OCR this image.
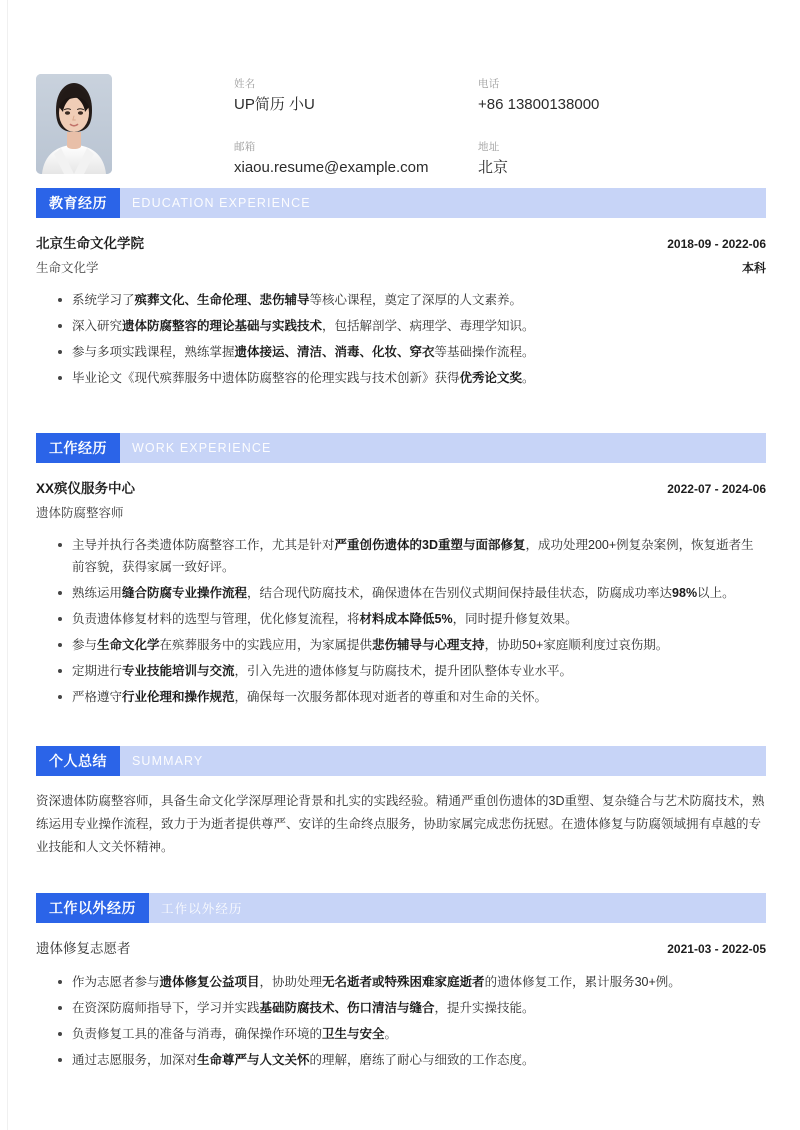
姓名
UP简历 小U
电话
+86 13800138000
邮箱
xiaou.resume@example.com
地址
北京
教育经历	EDUCATION EXPERIENCE
北京生命文化学院	2018-09 - 2022-06
生命文化学	本科
系统学习了殡葬文化、生命伦理、悲伤辅导等核心课程，奠定了深厚的人文素养。
深入研究遗体防腐整容的理论基础与实践技术，包括解剖学、病理学、毒理学知识。
参与多项实践课程，熟练掌握遗体接运、清洁、消毒、化妆、穿衣等基础操作流程。
毕业论文《现代殡葬服务中遗体防腐整容的伦理实践与技术创新》获得优秀论文奖。
工作经历	WORK EXPERIENCE
XX殡仪服务中心	2022-07 - 2024-06
遗体防腐整容师
主导并执行各类遗体防腐整容工作，尤其是针对严重创伤遗体的3D重塑与面部修复，成功处理200+例复杂案例，恢复逝者生前容貌，获得家属一致好评。
熟练运用缝合防腐专业操作流程，结合现代防腐技术，确保遗体在告别仪式期间保持最佳状态，防腐成功率达98%以上。
负责遗体修复材料的选型与管理，优化修复流程，将材料成本降低5%，同时提升修复效果。
参与生命文化学在殡葬服务中的实践应用，为家属提供悲伤辅导与心理支持，协助50+家庭顺利度过哀伤期。
定期进行专业技能培训与交流，引入先进的遗体修复与防腐技术，提升团队整体专业水平。
严格遵守行业伦理和操作规范，确保每一次服务都体现对逝者的尊重和对生命的关怀。
个人总结	SUMMARY
资深遗体防腐整容师，具备生命文化学深厚理论背景和扎实的实践经验。精通严重创伤遗体的3D重塑、复杂缝合与艺术防腐技术，熟练运用专业操作流程，致力于为逝者提供尊严、安详的生命终点服务，协助家属完成悲伤抚慰。在遗体修复与防腐领域拥有卓越的专业技能和人文关怀精神。
工作以外经历	工作以外经历
遗体修复志愿者	2021-03 - 2022-05
作为志愿者参与遗体修复公益项目，协助处理无名逝者或特殊困难家庭逝者的遗体修复工作，累计服务30+例。
在资深防腐师指导下，学习并实践基础防腐技术、伤口清洁与缝合，提升实操技能。
负责修复工具的准备与消毒，确保操作环境的卫生与安全。
通过志愿服务，加深对生命尊严与人文关怀的理解，磨练了耐心与细致的工作态度。
